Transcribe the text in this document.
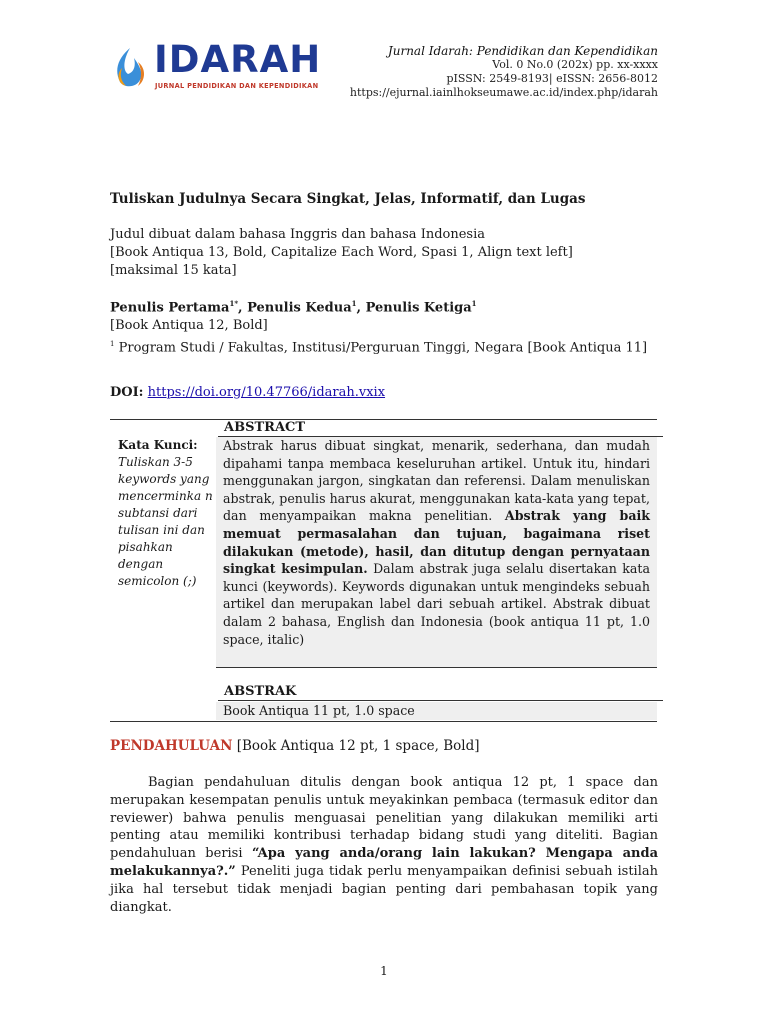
IDARAH
JURNAL PENDIDIKAN DAN KEPENDIDIKAN
Jurnal Idarah: Pendidikan dan Kependidikan
Vol. 0 No.0 (202x) pp. xx-xxxx
pISSN: 2549-8193| eISSN: 2656-8012
https://ejurnal.iainlhokseumawe.ac.id/index.php/idarah
Tuliskan Judulnya Secara Singkat, Jelas, Informatif, dan Lugas
Judul dibuat dalam bahasa Inggris dan bahasa Indonesia
[Book Antiqua 13, Bold, Capitalize Each Word, Spasi 1, Align text left]
[maksimal 15 kata]
Penulis Pertama$^{1*}$, Penulis Kedua$^1$, Penulis Ketiga$^1$
[Book Antiqua 12, Bold]
$^1$ Program Studi / Fakultas, Institusi/Perguruan Tinggi, Negara [Book Antiqua 11]
DOI: https://doi.org/10.47766/idarah.vxix
Kata Kunci:
Tuliskan 3-5 keywords yang mencerminka n subtansi dari tulisan ini dan pisahkan dengan semicolon (;)
ABSTRACT
Abstrak harus dibuat singkat, menarik, sederhana, dan mudah dipahami tanpa membaca keseluruhan artikel. Untuk itu, hindari menggunakan jargon, singkatan dan referensi. Dalam menuliskan abstrak, penulis harus akurat, menggunakan kata-kata yang tepat, dan menyampaikan makna penelitian. Abstrak yang baik memuat permasalahan dan tujuan, bagaimana riset dilakukan (metode), hasil, dan ditutup dengan pernyataan singkat kesimpulan. Dalam abstrak juga selalu disertakan kata kunci (keywords). Keywords digunakan untuk mengindeks sebuah artikel dan merupakan label dari sebuah artikel. Abstrak dibuat dalam 2 bahasa, English dan Indonesia (book antiqua 11 pt, 1.0 space, italic)
ABSTRAK
Book Antiqua 11 pt, 1.0 space
PENDAHULUAN [Book Antiqua 12 pt, 1 space, Bold]
Bagian pendahuluan ditulis dengan book antiqua 12 pt, 1 space dan merupakan kesempatan penulis untuk meyakinkan pembaca (termasuk editor dan reviewer) bahwa penulis menguasai penelitian yang dilakukan memiliki arti penting atau memiliki kontribusi terhadap bidang studi yang diteliti. Bagian pendahuluan berisi “Apa yang anda/orang lain lakukan? Mengapa anda melakukannya?.” Peneliti juga tidak perlu menyampaikan definisi sebuah istilah jika hal tersebut tidak menjadi bagian penting dari pembahasan topik yang diangkat.
1
